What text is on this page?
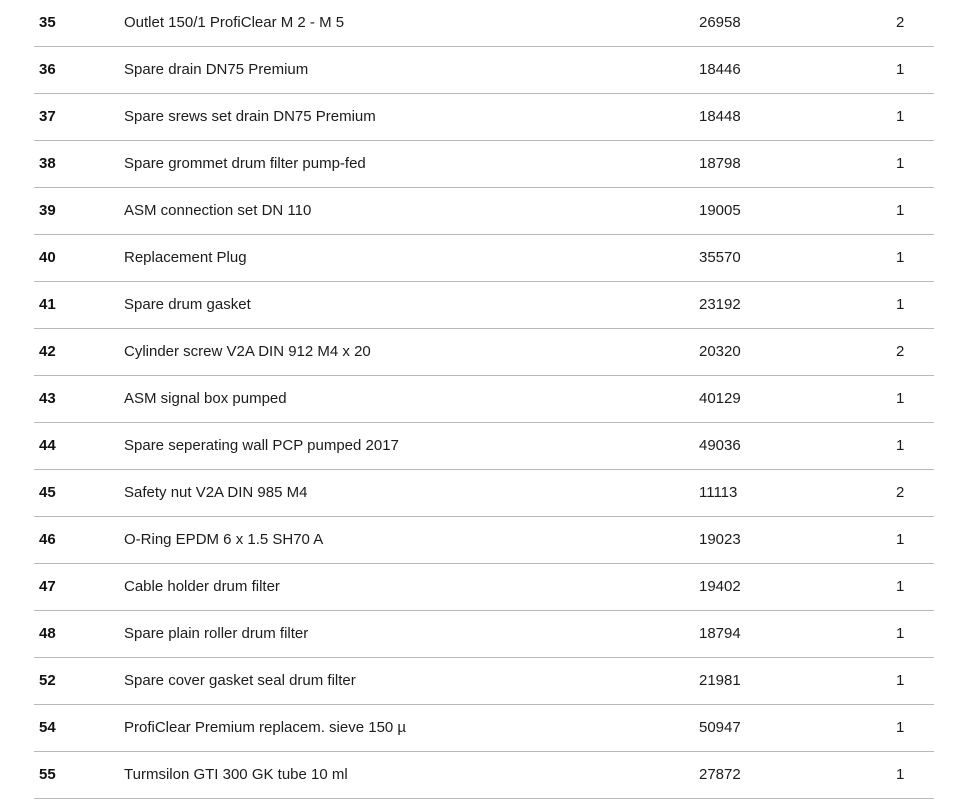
35	Outlet 150/1 ProfiClear M 2 - M 5	26958	2
36	Spare drain DN75 Premium	18446	1
37	Spare srews set drain DN75 Premium	18448	1
38	Spare grommet drum filter pump-fed	18798	1
39	ASM connection set DN 110	19005	1
40	Replacement Plug	35570	1
41	Spare drum gasket	23192	1
42	Cylinder screw V2A DIN 912 M4 x 20	20320	2
43	ASM signal box pumped	40129	1
44	Spare seperating wall PCP pumped 2017	49036	1
45	Safety nut V2A DIN 985 M4	11113	2
46	O-Ring EPDM 6 x 1.5 SH70 A	19023	1
47	Cable holder drum filter	19402	1
48	Spare plain roller drum filter	18794	1
52	Spare cover gasket seal drum filter	21981	1
54	ProfiClear Premium replacem. sieve 150 µ	50947	1
55	Turmsilon GTI 300 GK tube 10 ml	27872	1
